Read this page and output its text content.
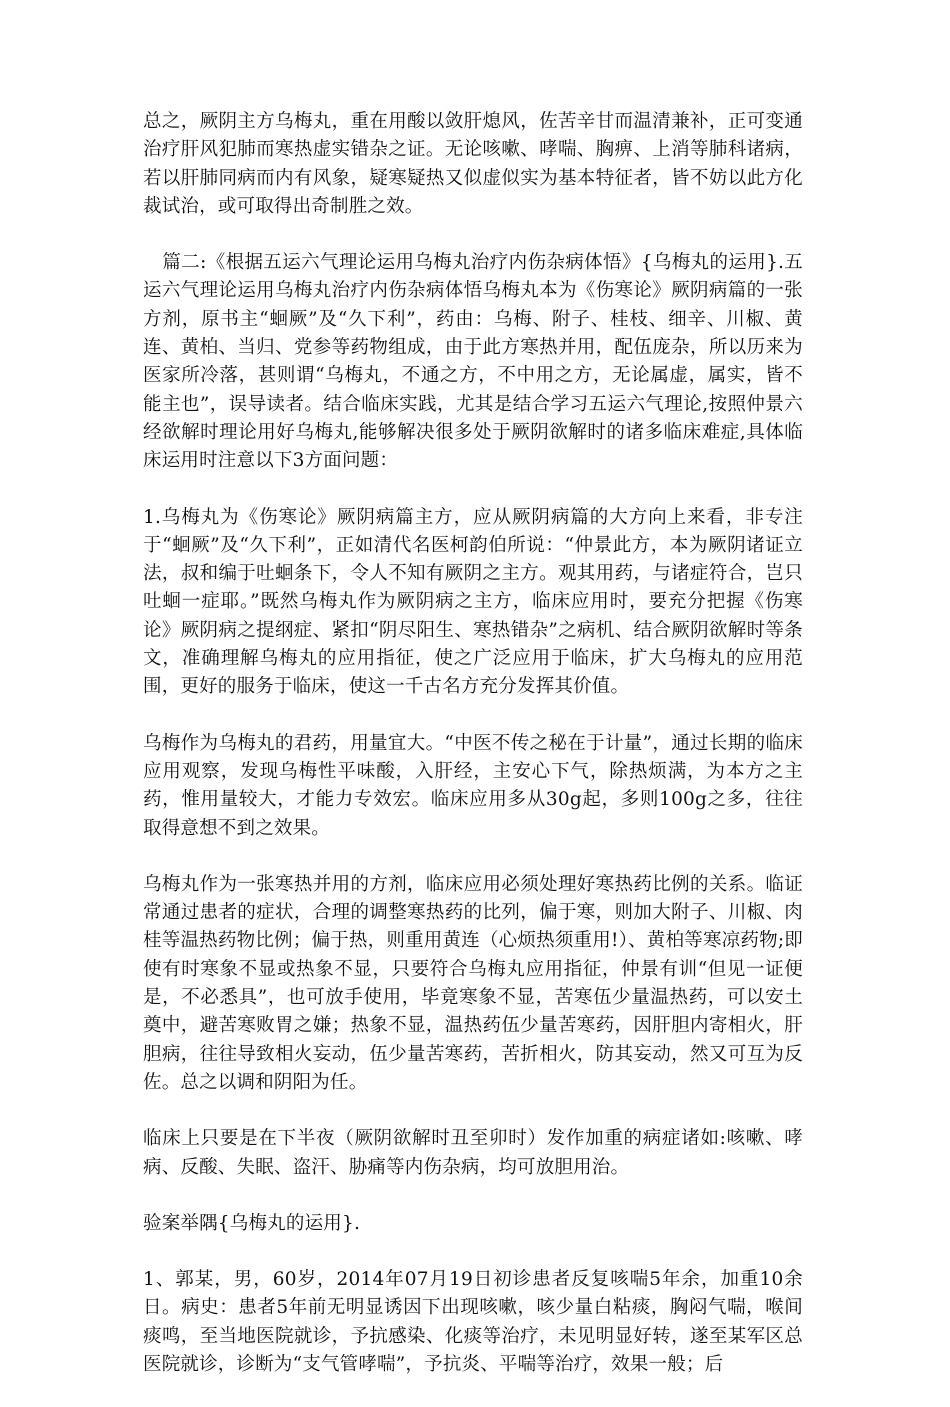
总之，厥阴主方乌梅丸，重在用酸以敛肝熄风，佐苦辛甘而温清兼补，正可变通治疗肝风犯肺而寒热虚实错杂之证。无论咳嗽、哮喘、胸痹、上消等肺科诸病，若以肝肺同病而内有风象，疑寒疑热又似虚似实为基本特征者，皆不妨以此方化裁试治，或可取得出奇制胜之效。

篇二:《根据五运六气理论运用乌梅丸治疗内伤杂病体悟》{乌梅丸的运用}.五运六气理论运用乌梅丸治疗内伤杂病体悟乌梅丸本为《伤寒论》厥阴病篇的一张方剂，原书主“蛔厥”及“久下利”，药由：乌梅、附子、桂枝、细辛、川椒、黄连、黄柏、当归、党参等药物组成，由于此方寒热并用，配伍庞杂，所以历来为医家所冷落，甚则谓“乌梅丸，不通之方，不中用之方，无论属虚，属实，皆不能主也”，误导读者。结合临床实践，尤其是结合学习五运六气理论,按照仲景六经欲解时理论用好乌梅丸,能够解决很多处于厥阴欲解时的诸多临床难症,具体临床运用时注意以下3方面问题：

1.乌梅丸为《伤寒论》厥阴病篇主方，应从厥阴病篇的大方向上来看，非专注于“蛔厥”及“久下利”，正如清代名医柯韵伯所说：“仲景此方，本为厥阴诸证立法，叔和编于吐蛔条下，令人不知有厥阴之主方。观其用药，与诸症符合，岂只吐蛔一症耶。”既然乌梅丸作为厥阴病之主方，临床应用时，要充分把握《伤寒论》厥阴病之提纲症、紧扣“阴尽阳生、寒热错杂”之病机、结合厥阴欲解时等条文，准确理解乌梅丸的应用指征，使之广泛应用于临床，扩大乌梅丸的应用范围，更好的服务于临床，使这一千古名方充分发挥其价值。

乌梅作为乌梅丸的君药，用量宜大。“中医不传之秘在于计量”，通过长期的临床应用观察，发现乌梅性平味酸，入肝经，主安心下气，除热烦满，为本方之主药，惟用量较大，才能力专效宏。临床应用多从30g起，多则100g之多，往往取得意想不到之效果。

乌梅丸作为一张寒热并用的方剂，临床应用必须处理好寒热药比例的关系。临证常通过患者的症状，合理的调整寒热药的比列，偏于寒，则加大附子、川椒、肉桂等温热药物比例；偏于热，则重用黄连（心烦热须重用!）、黄柏等寒凉药物;即使有时寒象不显或热象不显，只要符合乌梅丸应用指征，仲景有训“但见一证便是，不必悉具”，也可放手使用，毕竟寒象不显，苦寒伍少量温热药，可以安土奠中，避苦寒败胃之嫌；热象不显，温热药伍少量苦寒药，因肝胆内寄相火，肝胆病，往往导致相火妄动，伍少量苦寒药，苦折相火，防其妄动，然又可互为反佐。总之以调和阴阳为任。

临床上只要是在下半夜（厥阴欲解时丑至卯时）发作加重的病症诸如:咳嗽、哮病、反酸、失眠、盗汗、胁痛等内伤杂病，均可放胆用治。

验案举隅{乌梅丸的运用}.

1、郭某，男，60岁，2014年07月19日初诊患者反复咳喘5年余，加重10余日。病史：患者5年前无明显诱因下出现咳嗽，咳少量白粘痰，胸闷气喘，喉间痰鸣，至当地医院就诊，予抗感染、化痰等治疗，未见明显好转，遂至某军区总医院就诊，诊断为“支气管哮喘”，予抗炎、平喘等治疗，效果一般；后
